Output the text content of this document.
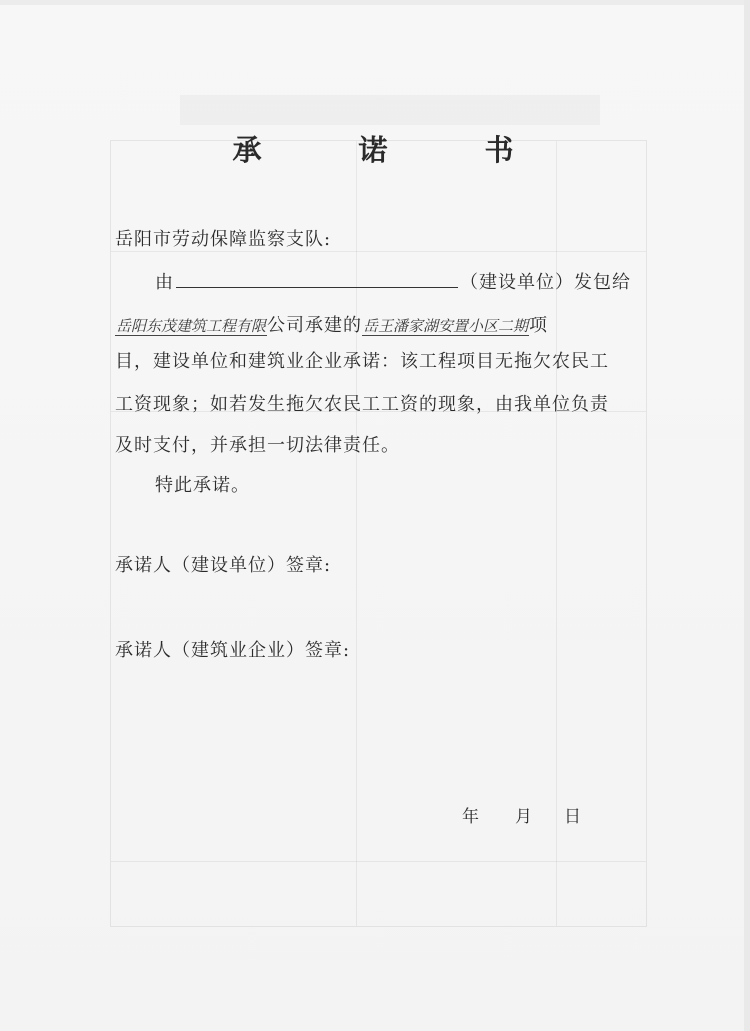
承　诺　书
岳阳市劳动保障监察支队:
由	（建设单位）发包给
岳阳东茂建筑工程有限公司承建的岳王潘家湖安置小区二期项
目，建设单位和建筑业企业承诺：该工程项目无拖欠农民工
工资现象；如若发生拖欠农民工工资的现象，由我单位负责
及时支付，并承担一切法律责任。
特此承诺。
承诺人（建设单位）签章:
承诺人（建筑业企业）签章:
年 月 日
